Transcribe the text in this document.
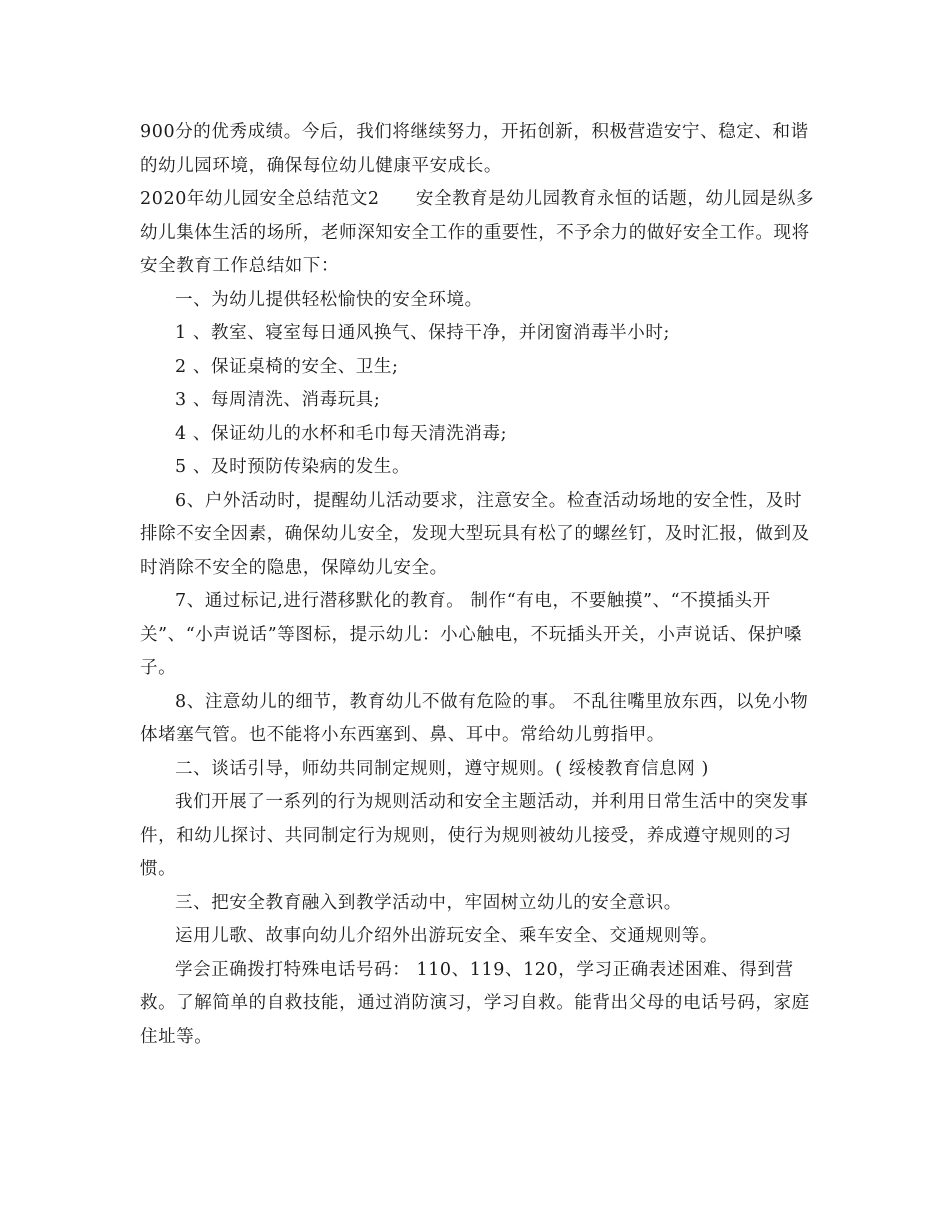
900分的优秀成绩。今后，我们将继续努力，开拓创新，积极营造安宁、稳定、和谐的幼儿园环境，确保每位幼儿健康平安成长。

2020年幼儿园安全总结范文2　　安全教育是幼儿园教育永恒的话题，幼儿园是纵多幼儿集体生活的场所，老师深知安全工作的重要性，不予余力的做好安全工作。现将安全教育工作总结如下：

一、为幼儿提供轻松愉快的安全环境。

1 、教室、寝室每日通风换气、保持干净，并闭窗消毒半小时;

2 、保证桌椅的安全、卫生;

3 、每周清洗、消毒玩具;

4 、保证幼儿的水杯和毛巾每天清洗消毒;

5 、及时预防传染病的发生。

6、户外活动时，提醒幼儿活动要求，注意安全。检查活动场地的安全性，及时排除不安全因素，确保幼儿安全，发现大型玩具有松了的螺丝钉，及时汇报，做到及时消除不安全的隐患，保障幼儿安全。

7、通过标记,进行潜移默化的教育。 制作“有电，不要触摸”、“不摸插头开关”、“小声说话”等图标，提示幼儿：小心触电，不玩插头开关，小声说话、保护嗓子。

8、注意幼儿的细节，教育幼儿不做有危险的事。 不乱往嘴里放东西，以免小物体堵塞气管。也不能将小东西塞到、鼻、耳中。常给幼儿剪指甲。

二、谈话引导，师幼共同制定规则，遵守规则。( 绥棱教育信息网 )

我们开展了一系列的行为规则活动和安全主题活动，并利用日常生活中的突发事件，和幼儿探讨、共同制定行为规则，使行为规则被幼儿接受，养成遵守规则的习惯。

三、把安全教育融入到教学活动中，牢固树立幼儿的安全意识。

运用儿歌、故事向幼儿介绍外出游玩安全、乘车安全、交通规则等。

学会正确拨打特殊电话号码： 110、119、120，学习正确表述困难、得到营救。了解简单的自救技能，通过消防演习，学习自救。能背出父母的电话号码，家庭住址等。
